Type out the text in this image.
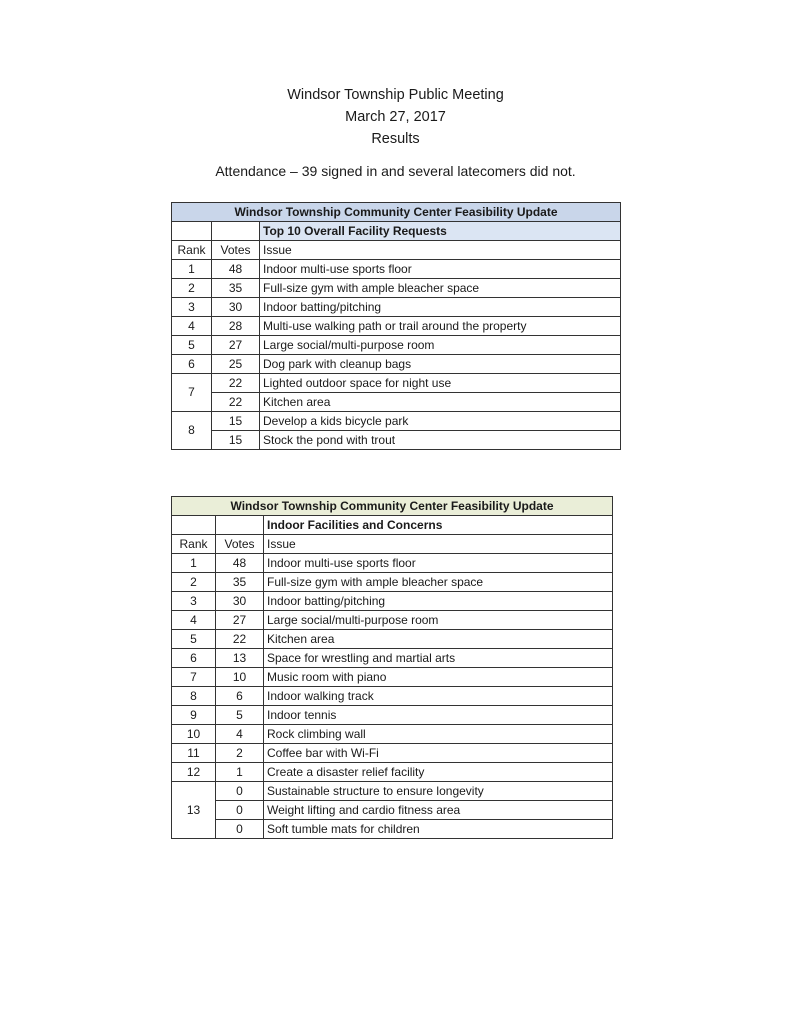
Windsor Township Public Meeting
March 27, 2017
Results
Attendance – 39 signed in and several latecomers did not.
Windsor Township Community Center Feasibility Update		
		Top 10 Overall Facility Requests
Rank	Votes	Issue
1	48	Indoor multi-use sports floor
2	35	Full-size gym with ample bleacher space
3	30	Indoor batting/pitching
4	28	Multi-use walking path or trail around the property
5	27	Large social/multi-purpose room
6	25	Dog park with cleanup bags
7	22	Lighted outdoor space for night use
	22	Kitchen area
8	15	Develop a kids bicycle park
	15	Stock the pond with trout
Windsor Township Community Center Feasibility Update		
		Indoor Facilities and Concerns
Rank	Votes	Issue
1	48	Indoor multi-use sports floor
2	35	Full-size gym with ample bleacher space
3	30	Indoor batting/pitching
4	27	Large social/multi-purpose room
5	22	Kitchen area
6	13	Space for wrestling and martial arts
7	10	Music room with piano
8	6	Indoor walking track
9	5	Indoor tennis
10	4	Rock climbing wall
11	2	Coffee bar with Wi-Fi
12	1	Create a disaster relief facility
13	0	Sustainable structure to ensure longevity
	0	Weight lifting and cardio fitness area
	0	Soft tumble mats for children
